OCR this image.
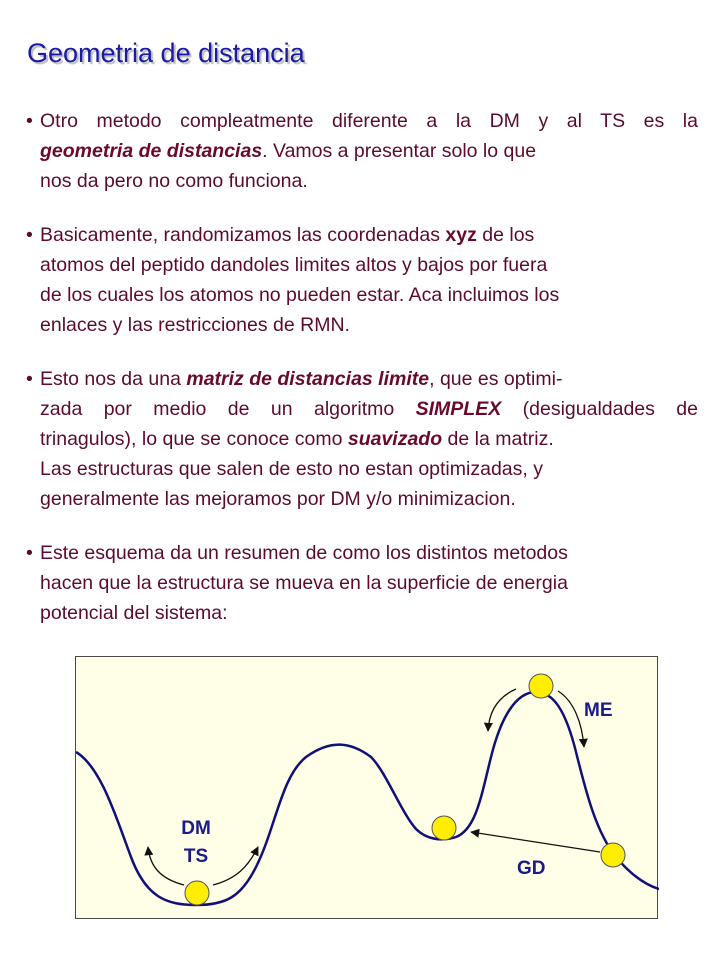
Geometria de distancia
• Otro metodo compleatmente diferente a la DM y al TS es la
geometria de distancias. Vamos a presentar solo lo que
nos da pero no como funciona.
• Basicamente, randomizamos las coordenadas xyz de los
atomos del peptido dandoles limites altos y bajos por fuera
de los cuales los atomos no pueden estar. Aca incluimos los
enlaces y las restricciones de RMN.
• Esto nos da una matriz de distancias limite, que es optimi-
zada por medio de un algoritmo SIMPLEX (desigualdades de
trinagulos), lo que se conoce como suavizado de la matriz.
Las estructuras que salen de esto no estan optimizadas, y
generalmente las mejoramos por DM y/o minimizacion.
• Este esquema da un resumen de como los distintos metodos
hacen que la estructura se mueva en la superficie de energia
potencial del sistema:
DM
TS
ME
GD
